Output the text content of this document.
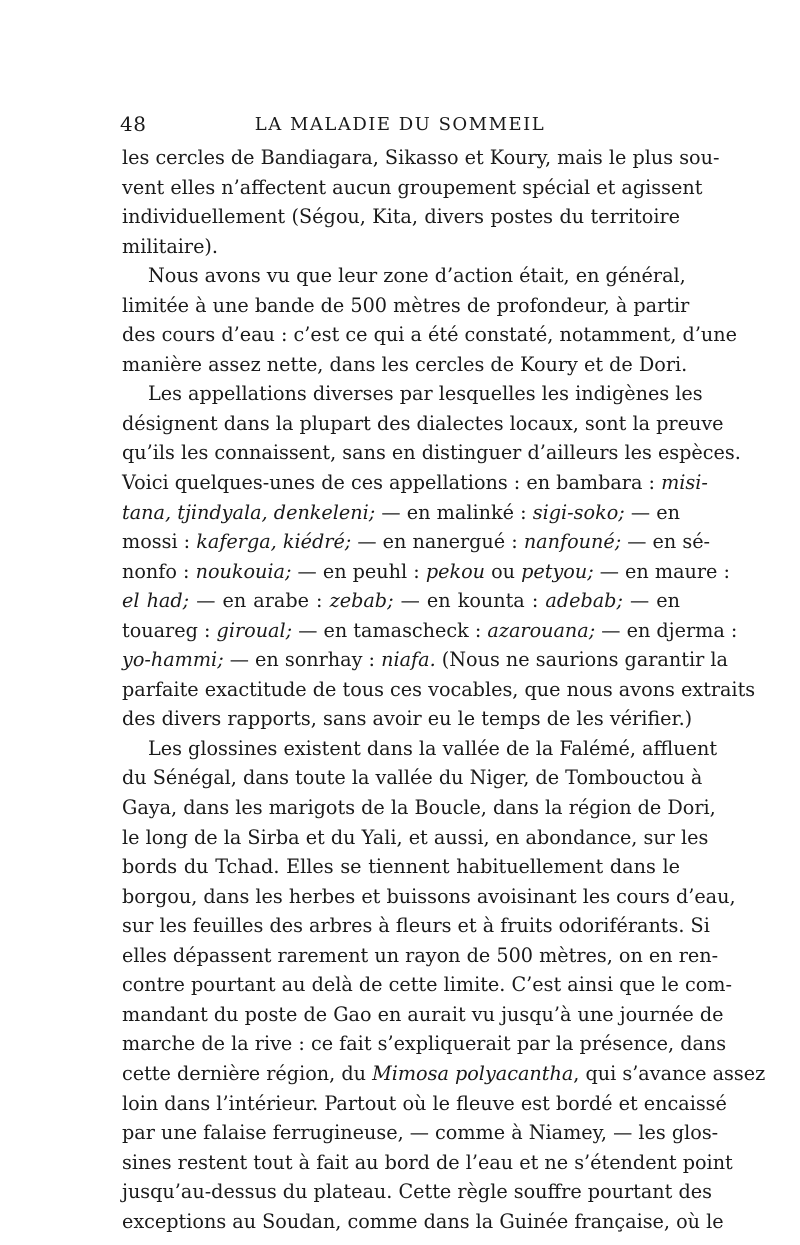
48	LA MALADIE DU SOMMEIL
les cercles de Bandiagara, Sikasso et Koury, mais le plus sou-
vent elles n’affectent aucun groupement spécial et agissent
individuellement (Ségou, Kita, divers postes du territoire
militaire).
Nous avons vu que leur zone d’action était, en général,
limitée à une bande de 500 mètres de profondeur, à partir
des cours d’eau : c’est ce qui a été constaté, notamment, d’une
manière assez nette, dans les cercles de Koury et de Dori.
Les appellations diverses par lesquelles les indigènes les
désignent dans la plupart des dialectes locaux, sont la preuve
qu’ils les connaissent, sans en distinguer d’ailleurs les espèces.
Voici quelques-unes de ces appellations : en bambara : misi-
tana, tjindyala, denkeleni; — en malinké : sigi-soko; — en
mossi : kaferga, kiédré; — en nanergué : nanfouné; — en sé-
nonfo : noukouia; — en peuhl : pekou ou petyou; — en maure :
el had; — en arabe : zebab; — en kounta : adebab; — en
touareg : giroual; — en tamascheck : azarouana; — en djerma :
yo-hammi; — en sonrhay : niafa. (Nous ne saurions garantir la
parfaite exactitude de tous ces vocables, que nous avons extraits
des divers rapports, sans avoir eu le temps de les vérifier.)
Les glossines existent dans la vallée de la Falémé, affluent
du Sénégal, dans toute la vallée du Niger, de Tombouctou à
Gaya, dans les marigots de la Boucle, dans la région de Dori,
le long de la Sirba et du Yali, et aussi, en abondance, sur les
bords du Tchad. Elles se tiennent habituellement dans le
borgou, dans les herbes et buissons avoisinant les cours d’eau,
sur les feuilles des arbres à fleurs et à fruits odoriférants. Si
elles dépassent rarement un rayon de 500 mètres, on en ren-
contre pourtant au delà de cette limite. C’est ainsi que le com-
mandant du poste de Gao en aurait vu jusqu’à une journée de
marche de la rive : ce fait s’expliquerait par la présence, dans
cette dernière région, du Mimosa polyacantha, qui s’avance assez
loin dans l’intérieur. Partout où le fleuve est bordé et encaissé
par une falaise ferrugineuse, — comme à Niamey, — les glos-
sines restent tout à fait au bord de l’eau et ne s’étendent point
jusqu’au-dessus du plateau. Cette règle souffre pourtant des
exceptions au Soudan, comme dans la Guinée française, où le
